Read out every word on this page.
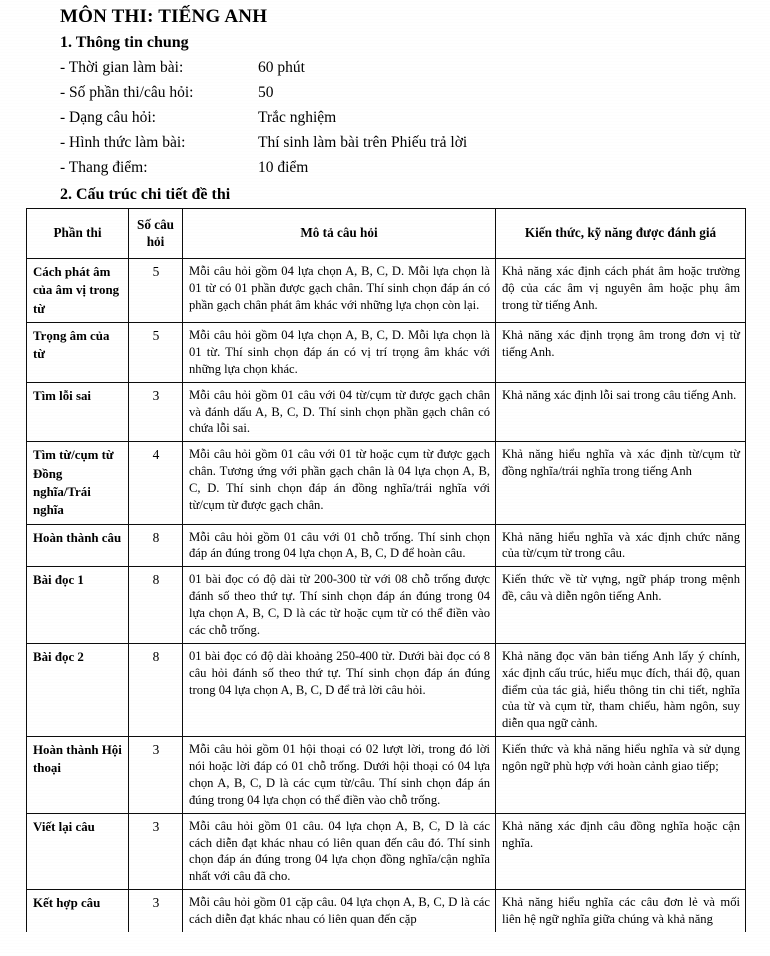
MÔN THI: TIẾNG ANH
1. Thông tin chung
- Thời gian làm bài:	60 phút
- Số phần thi/câu hỏi:	50
- Dạng câu hỏi:	Trắc nghiệm
- Hình thức làm bài:	Thí sinh làm bài trên Phiếu trả lời
- Thang điểm:	10 điểm
2. Cấu trúc chi tiết đề thi
Phần thi	Số câu hỏi	Mô tả câu hỏi	Kiến thức, kỹ năng được đánh giá
Cách phát âm của âm vị trong từ	5	Mỗi câu hỏi gồm 04 lựa chọn A, B, C, D. Mỗi lựa chọn là 01 từ có 01 phần được gạch chân. Thí sinh chọn đáp án có phần gạch chân phát âm khác với những lựa chọn còn lại.	Khả năng xác định cách phát âm hoặc trường độ của các âm vị nguyên âm hoặc phụ âm trong từ tiếng Anh.
Trọng âm của từ	5	Mỗi câu hỏi gồm 04 lựa chọn A, B, C, D. Mỗi lựa chọn là 01 từ. Thí sinh chọn đáp án có vị trí trọng âm khác với những lựa chọn khác.	Khả năng xác định trọng âm trong đơn vị từ tiếng Anh.
Tìm lỗi sai	3	Mỗi câu hỏi gồm 01 câu với 04 từ/cụm từ được gạch chân và đánh dấu A, B, C, D. Thí sinh chọn phần gạch chân có chứa lỗi sai.	Khả năng xác định lỗi sai trong câu tiếng Anh.
Tìm từ/cụm từ Đồng nghĩa/Trái nghĩa	4	Mỗi câu hỏi gồm 01 câu với 01 từ hoặc cụm từ được gạch chân. Tương ứng với phần gạch chân là 04 lựa chọn A, B, C, D. Thí sinh chọn đáp án đồng nghĩa/trái nghĩa với từ/cụm từ được gạch chân.	Khả năng hiểu nghĩa và xác định từ/cụm từ đồng nghĩa/trái nghĩa trong tiếng Anh
Hoàn thành câu	8	Mỗi câu hỏi gồm 01 câu với 01 chỗ trống. Thí sinh chọn đáp án đúng trong 04 lựa chọn A, B, C, D để hoàn câu.	Khả năng hiểu nghĩa và xác định chức năng của từ/cụm từ trong câu.
Bài đọc 1	8	01 bài đọc có độ dài từ 200-300 từ với 08 chỗ trống được đánh số theo thứ tự. Thí sinh chọn đáp án đúng trong 04 lựa chọn A, B, C, D là các từ hoặc cụm từ có thể điền vào các chỗ trống.	Kiến thức về từ vựng, ngữ pháp trong mệnh đề, câu và diễn ngôn tiếng Anh.
Bài đọc 2	8	01 bài đọc có độ dài khoảng 250-400 từ. Dưới bài đọc có 8 câu hỏi đánh số theo thứ tự. Thí sinh chọn đáp án đúng trong 04 lựa chọn A, B, C, D để trả lời câu hỏi.	Khả năng đọc văn bản tiếng Anh lấy ý chính, xác định cấu trúc, hiểu mục đích, thái độ, quan điểm của tác giả, hiểu thông tin chi tiết, nghĩa của từ và cụm từ, tham chiếu, hàm ngôn, suy diễn qua ngữ cảnh.
Hoàn thành Hội thoại	3	Mỗi câu hỏi gồm 01 hội thoại có 02 lượt lời, trong đó lời nói hoặc lời đáp có 01 chỗ trống. Dưới hội thoại có 04 lựa chọn A, B, C, D là các cụm từ/câu. Thí sinh chọn đáp án đúng trong 04 lựa chọn có thể điền vào chỗ trống.	Kiến thức và khả năng hiểu nghĩa và sử dụng ngôn ngữ phù hợp với hoàn cảnh giao tiếp;
Viết lại câu	3	Mỗi câu hỏi gồm 01 câu. 04 lựa chọn A, B, C, D là các cách diễn đạt khác nhau có liên quan đến câu đó. Thí sinh chọn đáp án đúng trong 04 lựa chọn đồng nghĩa/cận nghĩa nhất với câu đã cho.	Khả năng xác định câu đồng nghĩa hoặc cận nghĩa.
Kết hợp câu	3	Mỗi câu hỏi gồm 01 cặp câu. 04 lựa chọn A, B, C, D là các cách diễn đạt khác nhau có liên quan đến cặp	Khả năng hiểu nghĩa các câu đơn lẻ và mối liên hệ ngữ nghĩa giữa chúng và khả năng
